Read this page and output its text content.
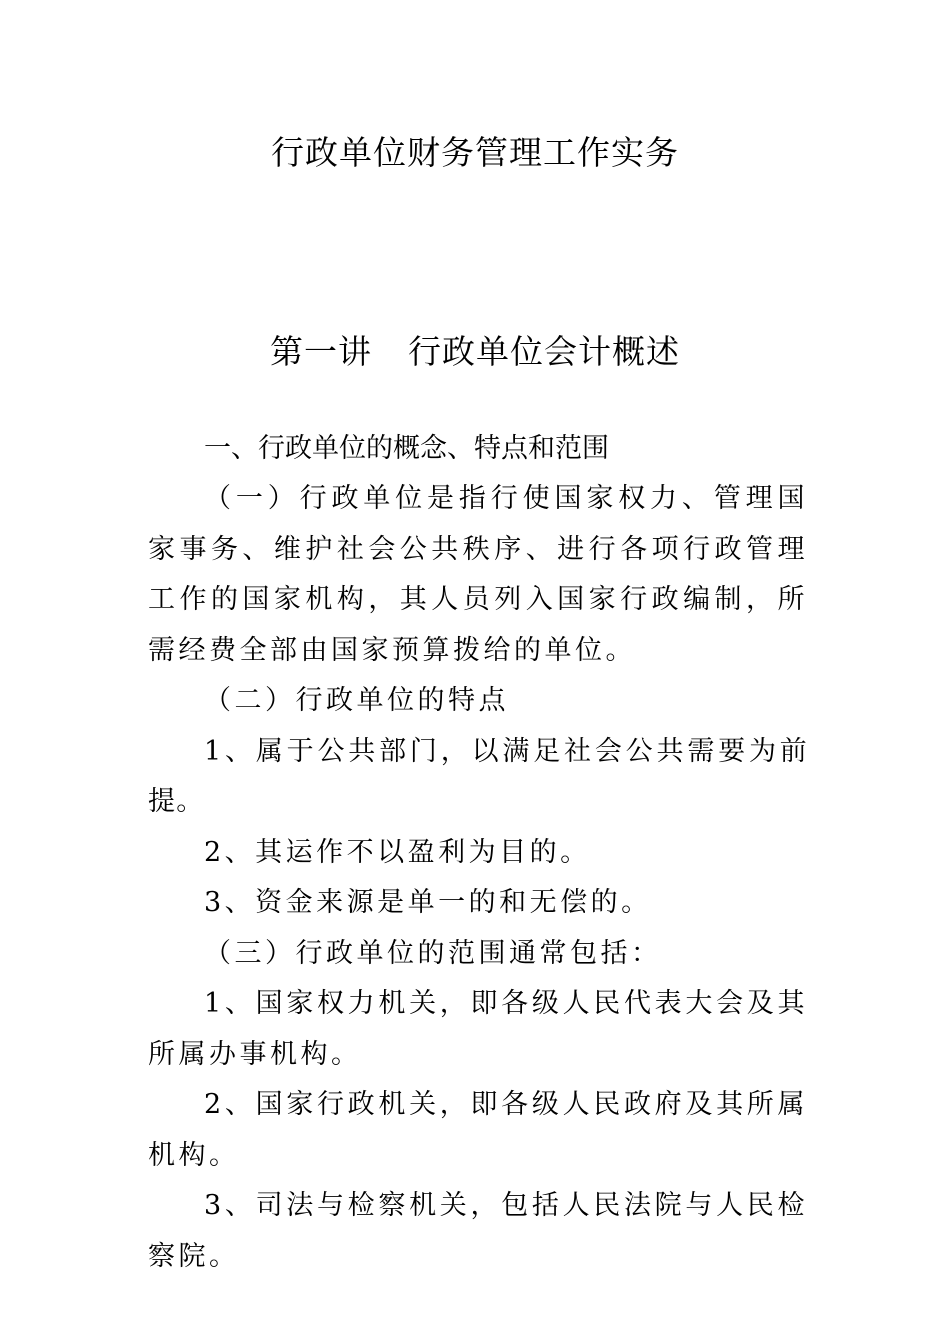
行政单位财务管理工作实务
第一讲 行政单位会计概述

一、行政单位的概念、特点和范围

（一）行政单位是指行使国家权力、管理国家事务、维护社会公共秩序、进行各项行政管理工作的国家机构，其人员列入国家行政编制，所需经费全部由国家预算拨给的单位。

（二）行政单位的特点

1、属于公共部门，以满足社会公共需要为前提。

2、其运作不以盈利为目的。

3、资金来源是单一的和无偿的。

（三）行政单位的范围通常包括：

1、国家权力机关，即各级人民代表大会及其所属办事机构。

2、国家行政机关，即各级人民政府及其所属机构。

3、司法与检察机关，包括人民法院与人民检察院。
